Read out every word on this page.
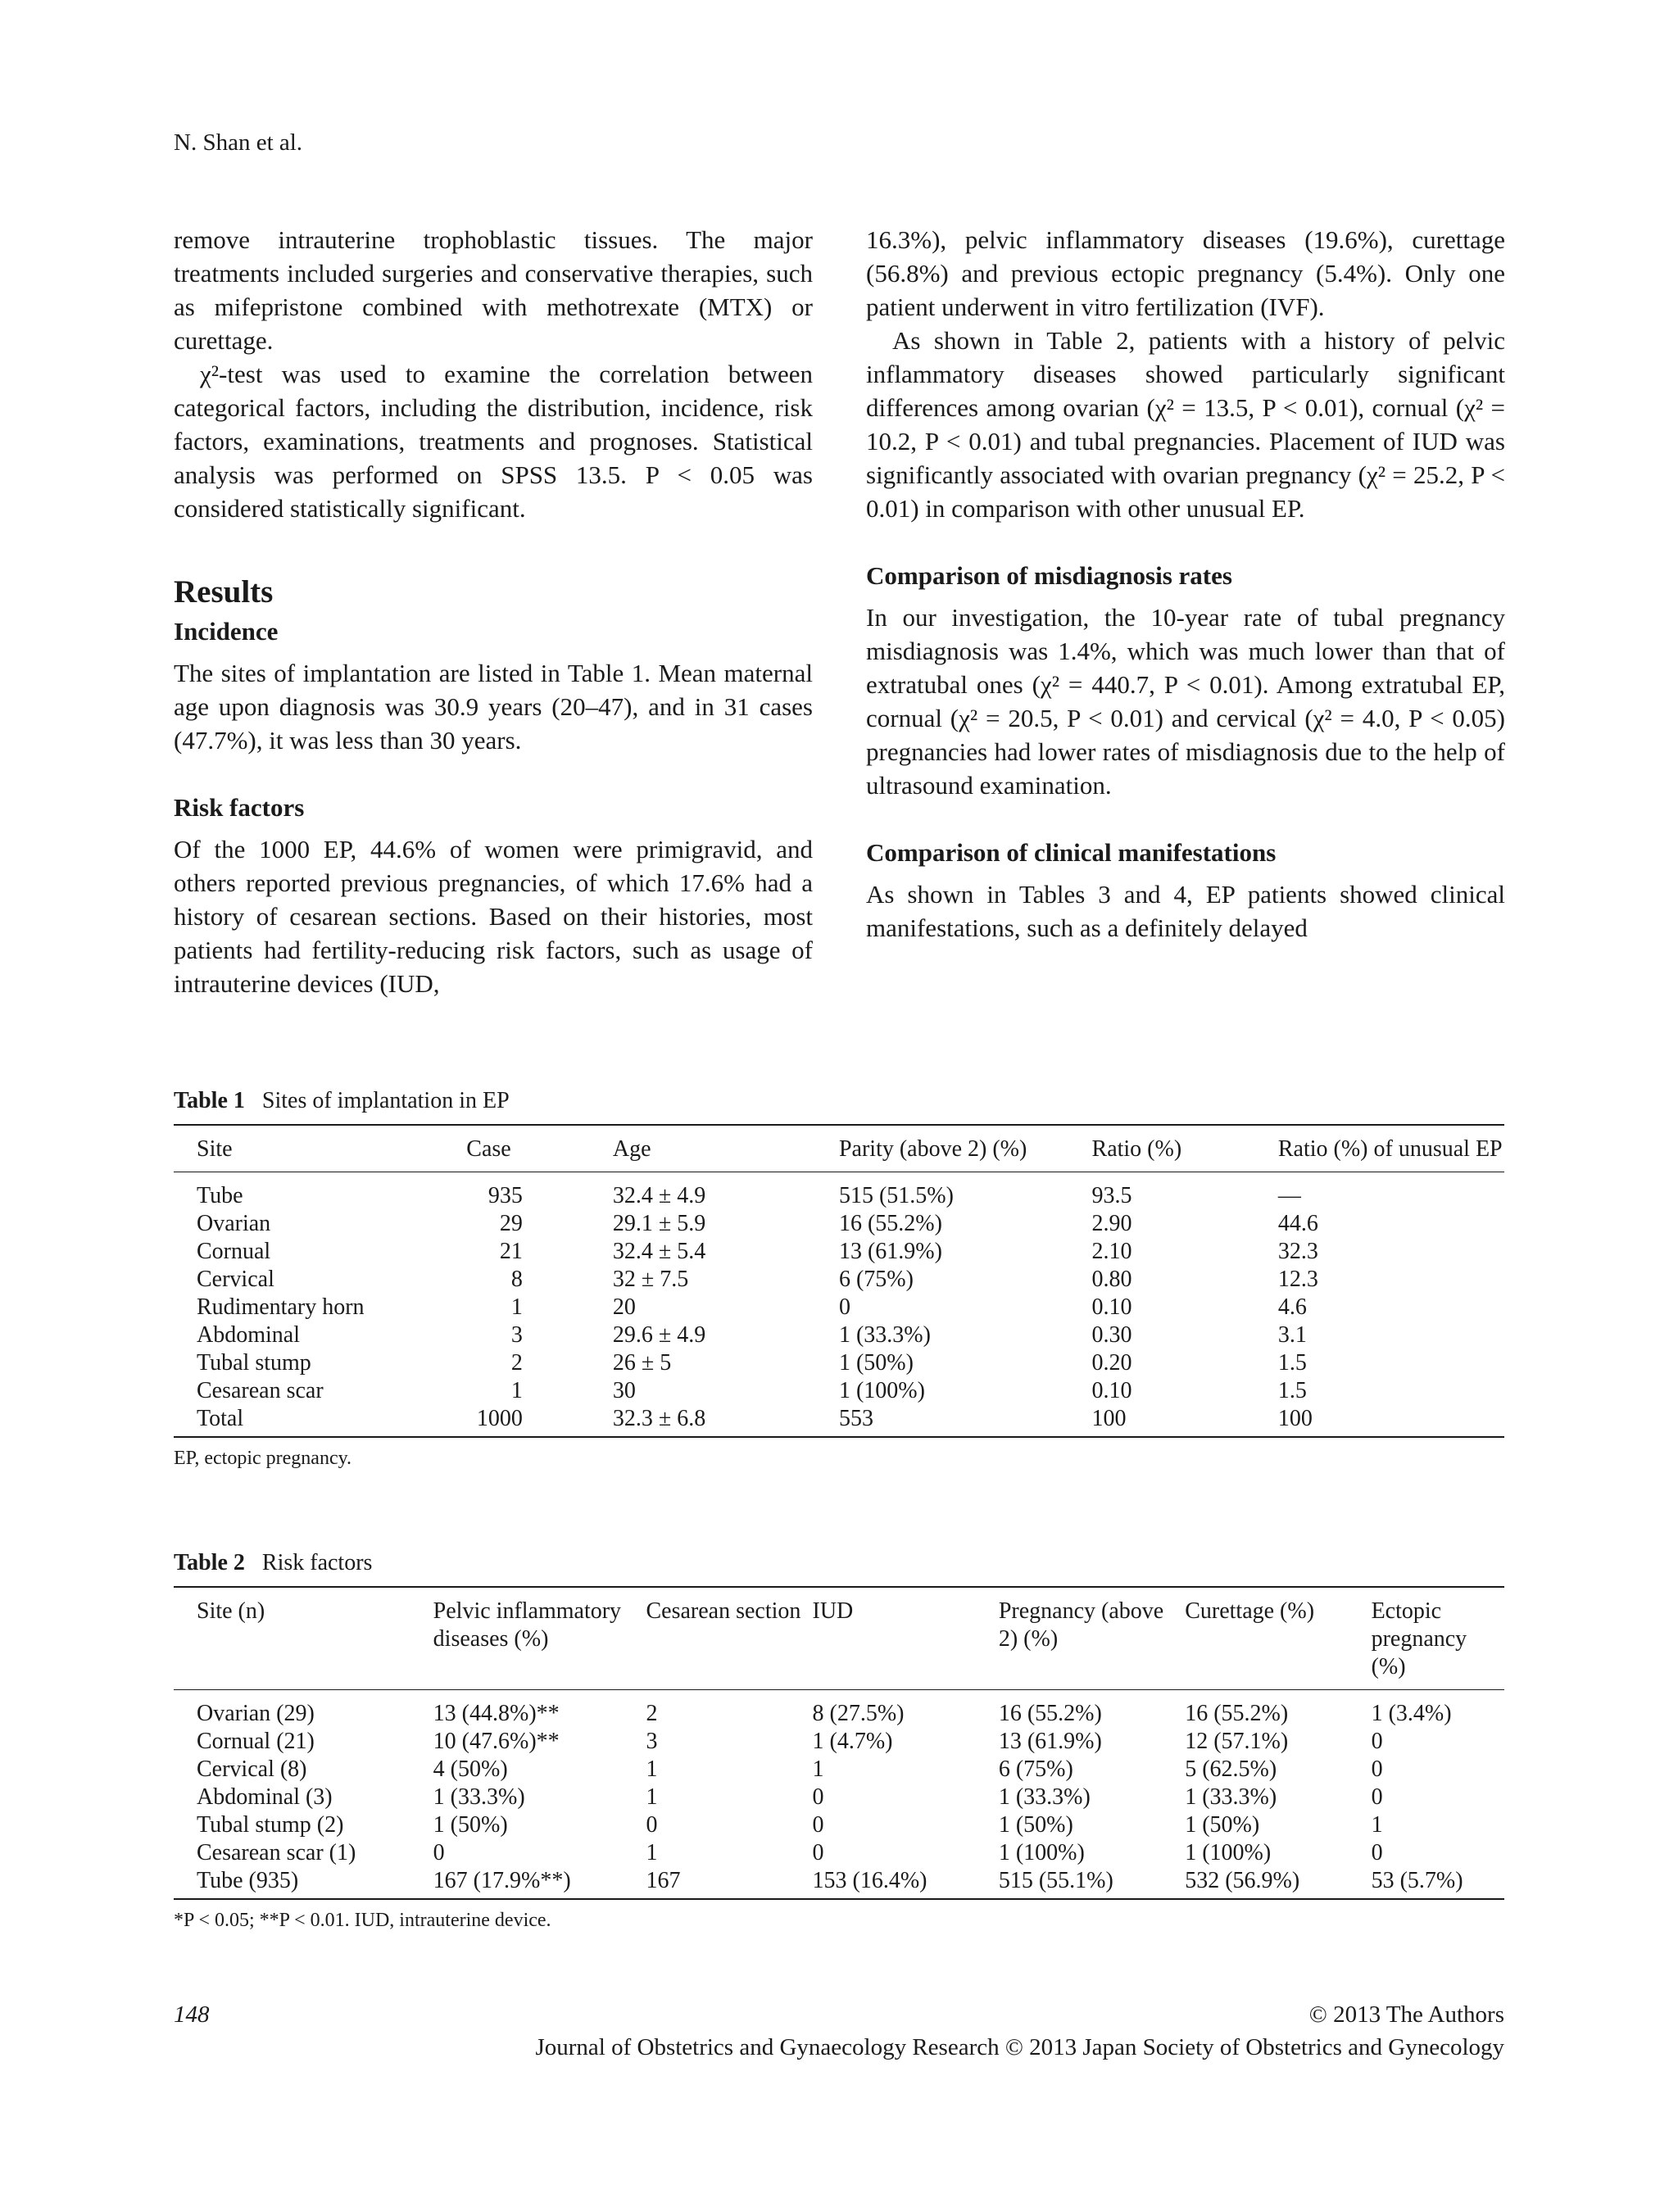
N. Shan et al.

remove intrauterine trophoblastic tissues. The major treatments included surgeries and conservative therapies, such as mifepristone combined with methotrexate (MTX) or curettage.

χ²-test was used to examine the correlation between categorical factors, including the distribution, incidence, risk factors, examinations, treatments and prognoses. Statistical analysis was performed on SPSS 13.5. P < 0.05 was considered statistically significant.

Results
Incidence

The sites of implantation are listed in Table 1. Mean maternal age upon diagnosis was 30.9 years (20–47), and in 31 cases (47.7%), it was less than 30 years.

Risk factors

Of the 1000 EP, 44.6% of women were primigravid, and others reported previous pregnancies, of which 17.6% had a history of cesarean sections. Based on their histories, most patients had fertility-reducing risk factors, such as usage of intrauterine devices (IUD,

16.3%), pelvic inflammatory diseases (19.6%), curettage (56.8%) and previous ectopic pregnancy (5.4%). Only one patient underwent in vitro fertilization (IVF).

As shown in Table 2, patients with a history of pelvic inflammatory diseases showed particularly significant differences among ovarian (χ² = 13.5, P < 0.01), cornual (χ² = 10.2, P < 0.01) and tubal pregnancies. Placement of IUD was significantly associated with ovarian pregnancy (χ² = 25.2, P < 0.01) in comparison with other unusual EP.

Comparison of misdiagnosis rates

In our investigation, the 10-year rate of tubal pregnancy misdiagnosis was 1.4%, which was much lower than that of extratubal ones (χ² = 440.7, P < 0.01). Among extratubal EP, cornual (χ² = 20.5, P < 0.01) and cervical (χ² = 4.0, P < 0.05) pregnancies had lower rates of misdiagnosis due to the help of ultrasound examination.

Comparison of clinical manifestations

As shown in Tables 3 and 4, EP patients showed clinical manifestations, such as a definitely delayed

Table 1 Sites of implantation in EP
Site	Case	Age	Parity (above 2) (%)	Ratio (%)	Ratio (%) of unusual EP
Tube	935	32.4 ± 4.9	515 (51.5%)	93.5	—
Ovarian	29	29.1 ± 5.9	16 (55.2%)	2.90	44.6
Cornual	21	32.4 ± 5.4	13 (61.9%)	2.10	32.3
Cervical	8	32 ± 7.5	6 (75%)	0.80	12.3
Rudimentary horn	1	20	0	0.10	4.6
Abdominal	3	29.6 ± 4.9	1 (33.3%)	0.30	3.1
Tubal stump	2	26 ± 5	1 (50%)	0.20	1.5
Cesarean scar	1	30	1 (100%)	0.10	1.5
Total	1000	32.3 ± 6.8	553	100	100
EP, ectopic pregnancy.
Table 2 Risk factors
Site (n)	Pelvic inflammatory diseases (%)	Cesarean section	IUD	Pregnancy (above 2) (%)	Curettage (%)	Ectopic pregnancy (%)
Ovarian (29)	13 (44.8%)**	2	8 (27.5%)	16 (55.2%)	16 (55.2%)	1 (3.4%)
Cornual (21)	10 (47.6%)**	3	1 (4.7%)	13 (61.9%)	12 (57.1%)	0
Cervical (8)	4 (50%)	1	1	6 (75%)	5 (62.5%)	0
Abdominal (3)	1 (33.3%)	1	0	1 (33.3%)	1 (33.3%)	0
Tubal stump (2)	1 (50%)	0	0	1 (50%)	1 (50%)	1
Cesarean scar (1)	0	1	0	1 (100%)	1 (100%)	0
Tube (935)	167 (17.9%**)	167	153 (16.4%)	515 (55.1%)	532 (56.9%)	53 (5.7%)
*P < 0.05; **P < 0.01. IUD, intrauterine device.
148	© 2013 The Authors
Journal of Obstetrics and Gynaecology Research © 2013 Japan Society of Obstetrics and Gynecology
